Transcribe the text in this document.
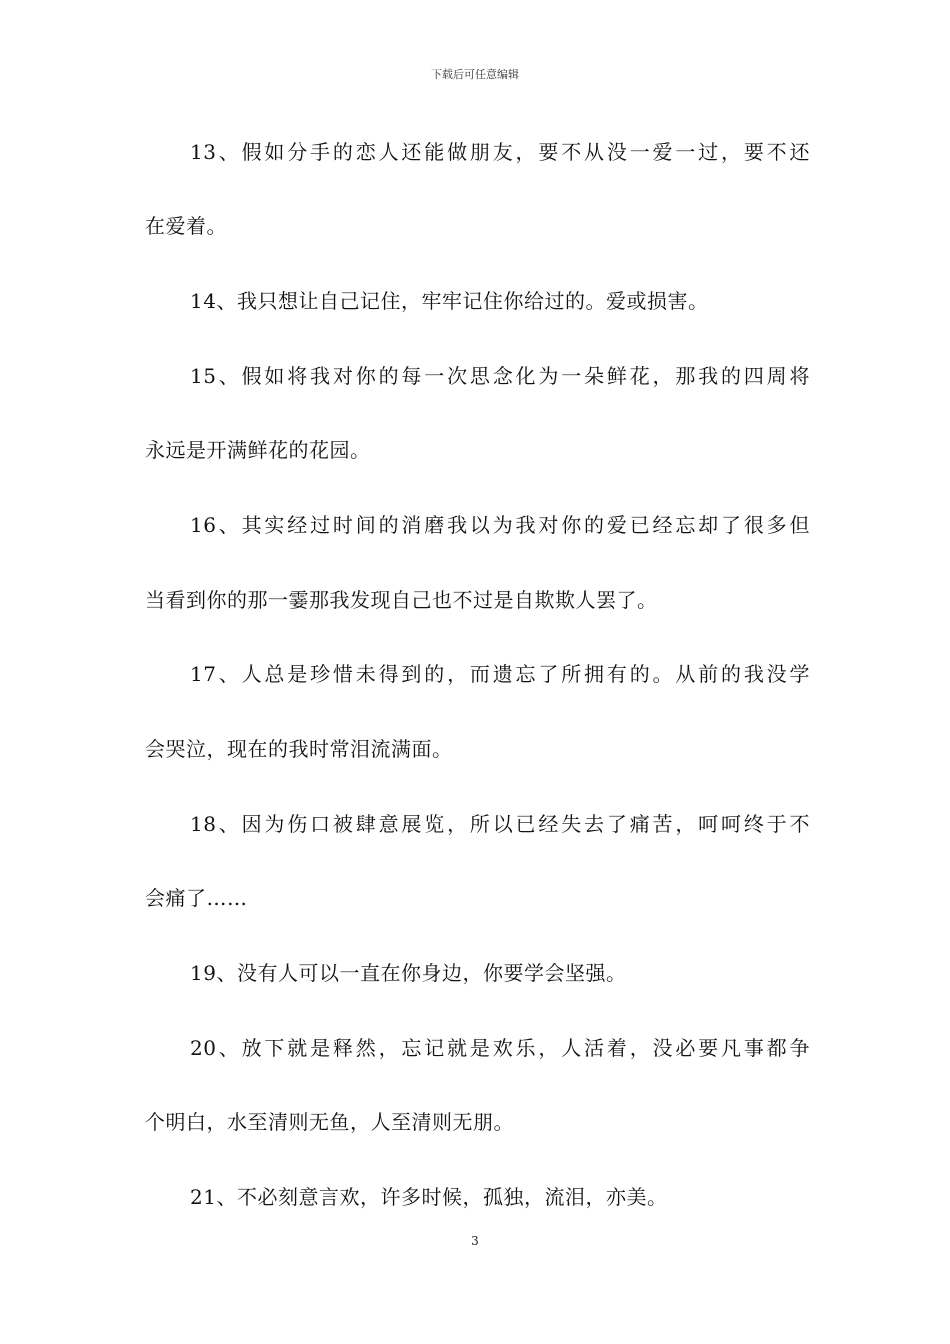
下载后可任意编辑
13、假如分手的恋人还能做朋友，要不从没一爱一过，要不还
在爱着。
14、我只想让自己记住，牢牢记住你给过的。爱或损害。
15、假如将我对你的每一次思念化为一朵鲜花，那我的四周将
永远是开满鲜花的花园。
16、其实经过时间的消磨我以为我对你的爱已经忘却了很多但
当看到你的那一霎那我发现自己也不过是自欺欺人罢了。
17、人总是珍惜未得到的，而遗忘了所拥有的。从前的我没学
会哭泣，现在的我时常泪流满面。
18、因为伤口被肆意展览，所以已经失去了痛苦，呵呵终于不
会痛了……
19、没有人可以一直在你身边，你要学会坚强。
20、放下就是释然，忘记就是欢乐，人活着，没必要凡事都争
个明白，水至清则无鱼，人至清则无朋。
21、不必刻意言欢，许多时候，孤独，流泪，亦美。
3
